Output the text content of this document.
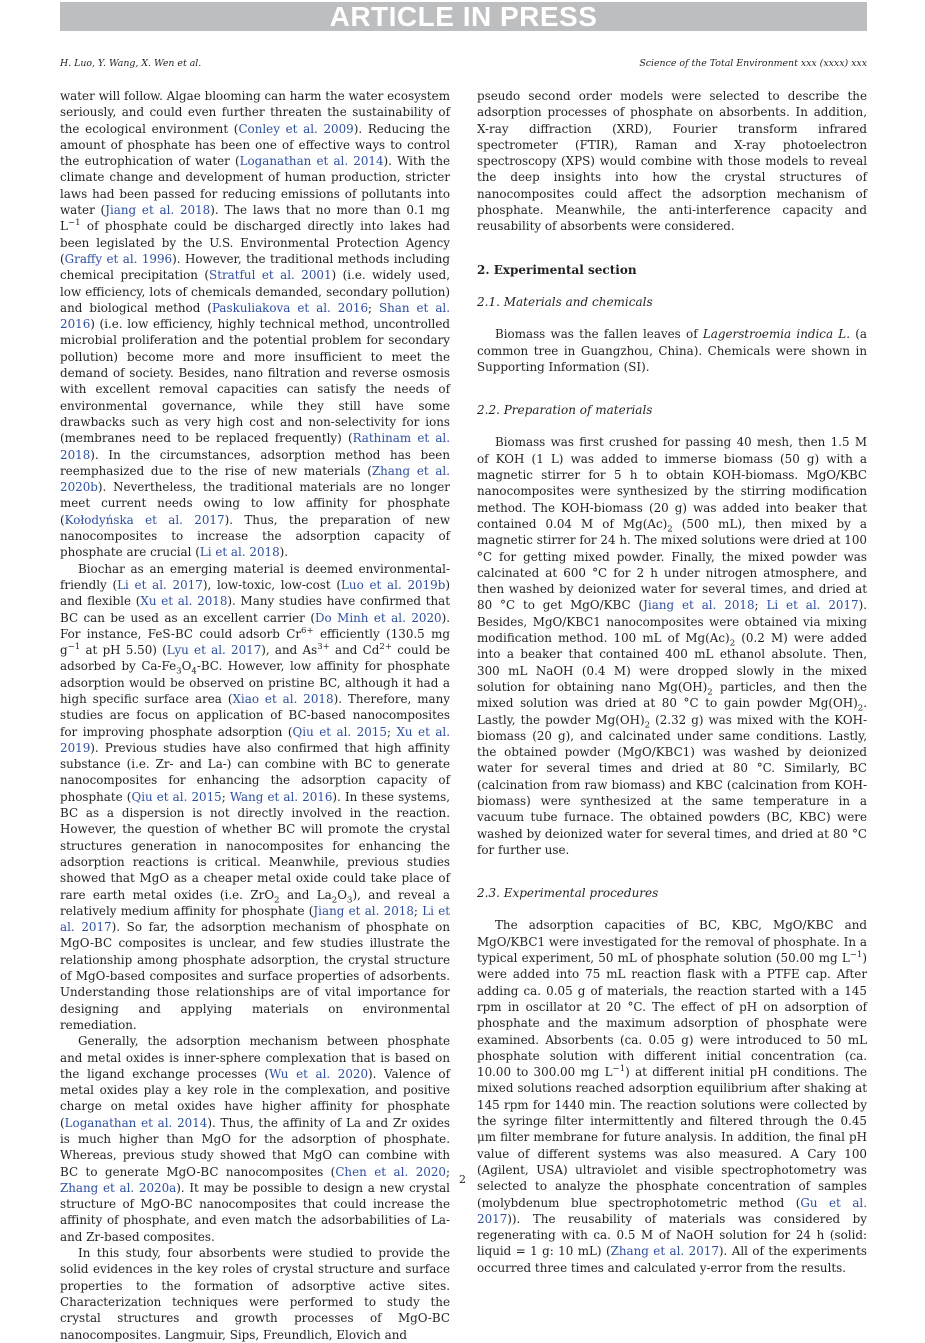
ARTICLE IN PRESS
H. Luo, Y. Wang, X. Wen et al.	Science of the Total Environment xxx (xxxx) xxx

water will follow. Algae blooming can harm the water ecosystem seriously, and could even further threaten the sustainability of the ecological environment (Conley et al. 2009). Reducing the amount of phosphate has been one of effective ways to control the eutrophication of water (Loganathan et al. 2014). With the climate change and development of human production, stricter laws had been passed for reducing emissions of pollutants into water (Jiang et al. 2018). The laws that no more than 0.1 mg $L^{-1}$ of phosphate could be discharged directly into lakes had been legislated by the U.S. Environmental Protection Agency (Graffy et al. 1996). However, the traditional methods including chemical precipitation (Stratful et al. 2001) (i.e. widely used, low efficiency, lots of chemicals demanded, secondary pollution) and biological method (Paskuliakova et al. 2016; Shan et al. 2016) (i.e. low efficiency, highly technical method, uncontrolled microbial proliferation and the potential problem for secondary pollution) become more and more insufficient to meet the demand of society. Besides, nano filtration and reverse osmosis with excellent removal capacities can satisfy the needs of environmental governance, while they still have some drawbacks such as very high cost and non-selectivity for ions (membranes need to be replaced frequently) (Rathinam et al. 2018). In the circumstances, adsorption method has been reemphasized due to the rise of new materials (Zhang et al. 2020b). Nevertheless, the traditional materials are no longer meet current needs owing to low affinity for phosphate (Kołodyńska et al. 2017). Thus, the preparation of new nanocomposites to increase the adsorption capacity of phosphate are crucial (Li et al. 2018).

Biochar as an emerging material is deemed environmental-friendly (Li et al. 2017), low-toxic, low-cost (Luo et al. 2019b) and flexible (Xu et al. 2018). Many studies have confirmed that BC can be used as an excellent carrier (Do Minh et al. 2020). For instance, FeS-BC could adsorb $Cr^{6+}$ efficiently (130.5 mg $g^{-1}$ at pH 5.50) (Lyu et al. 2017), and $As^{3+}$ and $Cd^{2+}$ could be adsorbed by $Ca-Fe_3O_4-BC$. However, low affinity for phosphate adsorption would be observed on pristine BC, although it had a high specific surface area (Xiao et al. 2018). Therefore, many studies are focus on application of BC-based nanocomposites for improving phosphate adsorption (Qiu et al. 2015; Xu et al. 2019). Previous studies have also confirmed that high affinity substance (i.e. Zr- and La-) can combine with BC to generate nanocomposites for enhancing the adsorption capacity of phosphate (Qiu et al. 2015; Wang et al. 2016). In these systems, BC as a dispersion is not directly involved in the reaction. However, the question of whether BC will promote the crystal structures generation in nanocomposites for enhancing the adsorption reactions is critical. Meanwhile, previous studies showed that MgO as a cheaper metal oxide could take place of rare earth metal oxides (i.e. ZrO$_2$ and $La_2O_3$), and reveal a relatively medium affinity for phosphate (Jiang et al. 2018; Li et al. 2017). So far, the adsorption mechanism of phosphate on MgO-BC composites is unclear, and few studies illustrate the relationship among phosphate adsorption, the crystal structure of MgO-based composites and surface properties of adsorbents. Understanding those relationships are of vital importance for designing and applying materials on environmental remediation.

Generally, the adsorption mechanism between phosphate and metal oxides is inner-sphere complexation that is based on the ligand exchange processes (Wu et al. 2020). Valence of metal oxides play a key role in the complexation, and positive charge on metal oxides have higher affinity for phosphate (Loganathan et al. 2014). Thus, the affinity of La and Zr oxides is much higher than MgO for the adsorption of phosphate. Whereas, previous study showed that MgO can combine with BC to generate MgO-BC nanocomposites (Chen et al. 2020; Zhang et al. 2020a). It may be possible to design a new crystal structure of MgO-BC nanocomposites that could increase the affinity of phosphate, and even match the adsorbabilities of La- and Zr-based composites.

In this study, four absorbents were studied to provide the solid evidences in the key roles of crystal structure and surface properties to the formation of adsorptive active sites. Characterization techniques were performed to study the crystal structures and growth processes of MgO-BC nanocomposites. Langmuir, Sips, Freundlich, Elovich and

pseudo second order models were selected to describe the adsorption processes of phosphate on absorbents. In addition, X-ray diffraction (XRD), Fourier transform infrared spectrometer (FTIR), Raman and X-ray photoelectron spectroscopy (XPS) would combine with those models to reveal the deep insights into how the crystal structures of nanocomposites could affect the adsorption mechanism of phosphate. Meanwhile, the anti-interference capacity and reusability of absorbents were considered.

2. Experimental section
2.1. Materials and chemicals

Biomass was the fallen leaves of Lagerstroemia indica L. (a common tree in Guangzhou, China). Chemicals were shown in Supporting Information (SI).

2.2. Preparation of materials

Biomass was first crushed for passing 40 mesh, then 1.5 M of KOH (1 L) was added to immerse biomass (50 g) with a magnetic stirrer for 5 h to obtain KOH-biomass. MgO/KBC nanocomposites were synthesized by the stirring modification method. The KOH-biomass (20 g) was added into beaker that contained 0.04 M of $Mg(Ac)_2$ (500 mL), then mixed by a magnetic stirrer for 24 h. The mixed solutions were dried at 100 °C for getting mixed powder. Finally, the mixed powder was calcinated at 600 °C for 2 h under nitrogen atmosphere, and then washed by deionized water for several times, and dried at 80 °C to get MgO/KBC (Jiang et al. 2018; Li et al. 2017). Besides, MgO/KBC1 nanocomposites were obtained via mixing modification method. 100 mL of $Mg(Ac)_2$ (0.2 M) were added into a beaker that contained 400 mL ethanol absolute. Then, 300 mL NaOH (0.4 M) were dropped slowly in the mixed solution for obtaining nano $Mg(OH)_2$ particles, and then the mixed solution was dried at 80 °C to gain powder $Mg(OH)_2$. Lastly, the powder $Mg(OH)_2$ (2.32 g) was mixed with the KOH-biomass (20 g), and calcinated under same conditions. Lastly, the obtained powder (MgO/KBC1) was washed by deionized water for several times and dried at 80 °C. Similarly, BC (calcination from raw biomass) and KBC (calcination from KOH-biomass) were synthesized at the same temperature in a vacuum tube furnace. The obtained powders (BC, KBC) were washed by deionized water for several times, and dried at 80 °C for further use.

2.3. Experimental procedures

The adsorption capacities of BC, KBC, MgO/KBC and MgO/KBC1 were investigated for the removal of phosphate. In a typical experiment, 50 mL of phosphate solution (50.00 mg $L^{-1}$) were added into 75 mL reaction flask with a PTFE cap. After adding ca. 0.05 g of materials, the reaction started with a 145 rpm in oscillator at 20 °C. The effect of pH on adsorption of phosphate and the maximum adsorption of phosphate were examined. Absorbents (ca. 0.05 g) were introduced to 50 mL phosphate solution with different initial concentration (ca. 10.00 to 300.00 mg $L^{-1}$) at different initial pH conditions. The mixed solutions reached adsorption equilibrium after shaking at 145 rpm for 1440 min. The reaction solutions were collected by the syringe filter intermittently and filtered through the 0.45 μm filter membrane for future analysis. In addition, the final pH value of different systems was also measured. A Cary 100 (Agilent, USA) ultraviolet and visible spectrophotometry was selected to analyze the phosphate concentration of samples (molybdenum blue spectrophotometric method (Gu et al. 2017)). The reusability of materials was considered by regenerating with ca. 0.5 M of NaOH solution for 24 h (solid: liquid = 1 g: 10 mL) (Zhang et al. 2017). All of the experiments occurred three times and calculated y-error from the results.

2
